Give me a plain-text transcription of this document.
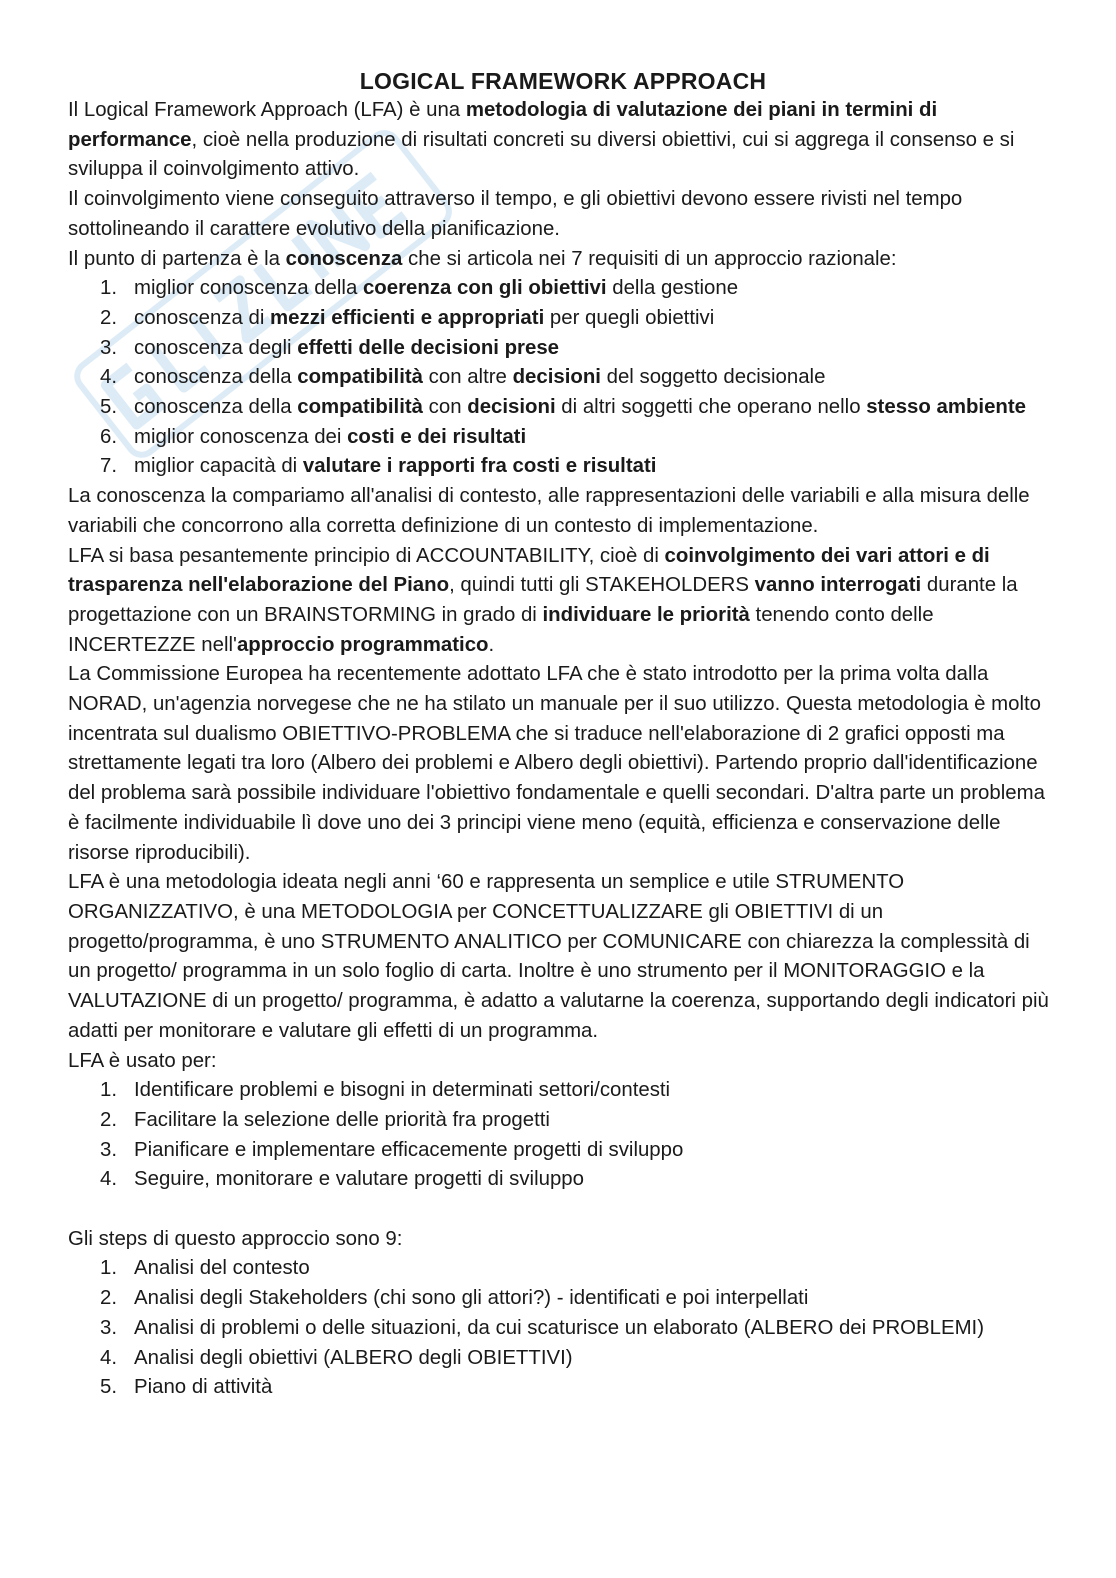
LOGICAL FRAMEWORK APPROACH

Il Logical Framework Approach (LFA) è una metodologia di valutazione dei piani in termini di performance, cioè nella produzione di risultati concreti su diversi obiettivi, cui si aggrega il consenso e si sviluppa il coinvolgimento attivo.

Il coinvolgimento viene conseguito attraverso il tempo, e gli obiettivi devono essere rivisti nel tempo sottolineando il carattere evolutivo della pianificazione.

Il punto di partenza è la conoscenza che si articola nei 7 requisiti di un approccio razionale:

1. miglior conoscenza della coerenza con gli obiettivi della gestione
2. conoscenza di mezzi efficienti e appropriati per quegli obiettivi
3. conoscenza degli effetti delle decisioni prese
4. conoscenza della compatibilità con altre decisioni del soggetto decisionale
5. conoscenza della compatibilità con decisioni di altri soggetti che operano nello stesso ambiente
6. miglior conoscenza dei costi e dei risultati
7. miglior capacità di valutare i rapporti fra costi e risultati

La conoscenza la compariamo all'analisi di contesto, alle rappresentazioni delle variabili e alla misura delle variabili che concorrono alla corretta definizione di un contesto di implementazione.

LFA si basa pesantemente principio di ACCOUNTABILITY, cioè di coinvolgimento dei vari attori e di trasparenza nell'elaborazione del Piano, quindi tutti gli STAKEHOLDERS vanno interrogati durante la progettazione con un BRAINSTORMING in grado di individuare le priorità tenendo conto delle INCERTEZZE nell'approccio programmatico.

La Commissione Europea ha recentemente adottato LFA che è stato introdotto per la prima volta dalla NORAD, un'agenzia norvegese che ne ha stilato un manuale per il suo utilizzo. Questa metodologia è molto incentrata sul dualismo OBIETTIVO-PROBLEMA che si traduce nell'elaborazione di 2 grafici opposti ma strettamente legati tra loro (Albero dei problemi e Albero degli obiettivi). Partendo proprio dall'identificazione del problema sarà possibile individuare l'obiettivo fondamentale e quelli secondari. D'altra parte un problema è facilmente individuabile lì dove uno dei 3 principi viene meno (equità, efficienza e conservazione delle risorse riproducibili).

LFA è una metodologia ideata negli anni ‘60 e rappresenta un semplice e utile STRUMENTO ORGANIZZATIVO, è una METODOLOGIA per CONCETTUALIZZARE gli OBIETTIVI di un progetto/programma, è uno STRUMENTO ANALITICO per COMUNICARE con chiarezza la complessità di un progetto/ programma in un solo foglio di carta. Inoltre è uno strumento per il MONITORAGGIO e la VALUTAZIONE di un progetto/ programma, è adatto a valutarne la coerenza, supportando degli indicatori più adatti per monitorare e valutare gli effetti di un programma.

LFA è usato per:

1. Identificare problemi e bisogni in determinati settori/contesti
2. Facilitare la selezione delle priorità fra progetti
3. Pianificare e implementare efficacemente progetti di sviluppo
4. Seguire, monitorare e valutare progetti di sviluppo

Gli steps di questo approccio sono 9:

1. Analisi del contesto
2. Analisi degli Stakeholders (chi sono gli attori?) - identificati e poi interpellati
3. Analisi di problemi o delle situazioni, da cui scaturisce un elaborato (ALBERO dei PROBLEMI)
4. Analisi degli obiettivi (ALBERO degli OBIETTIVI)
5. Piano di attività
